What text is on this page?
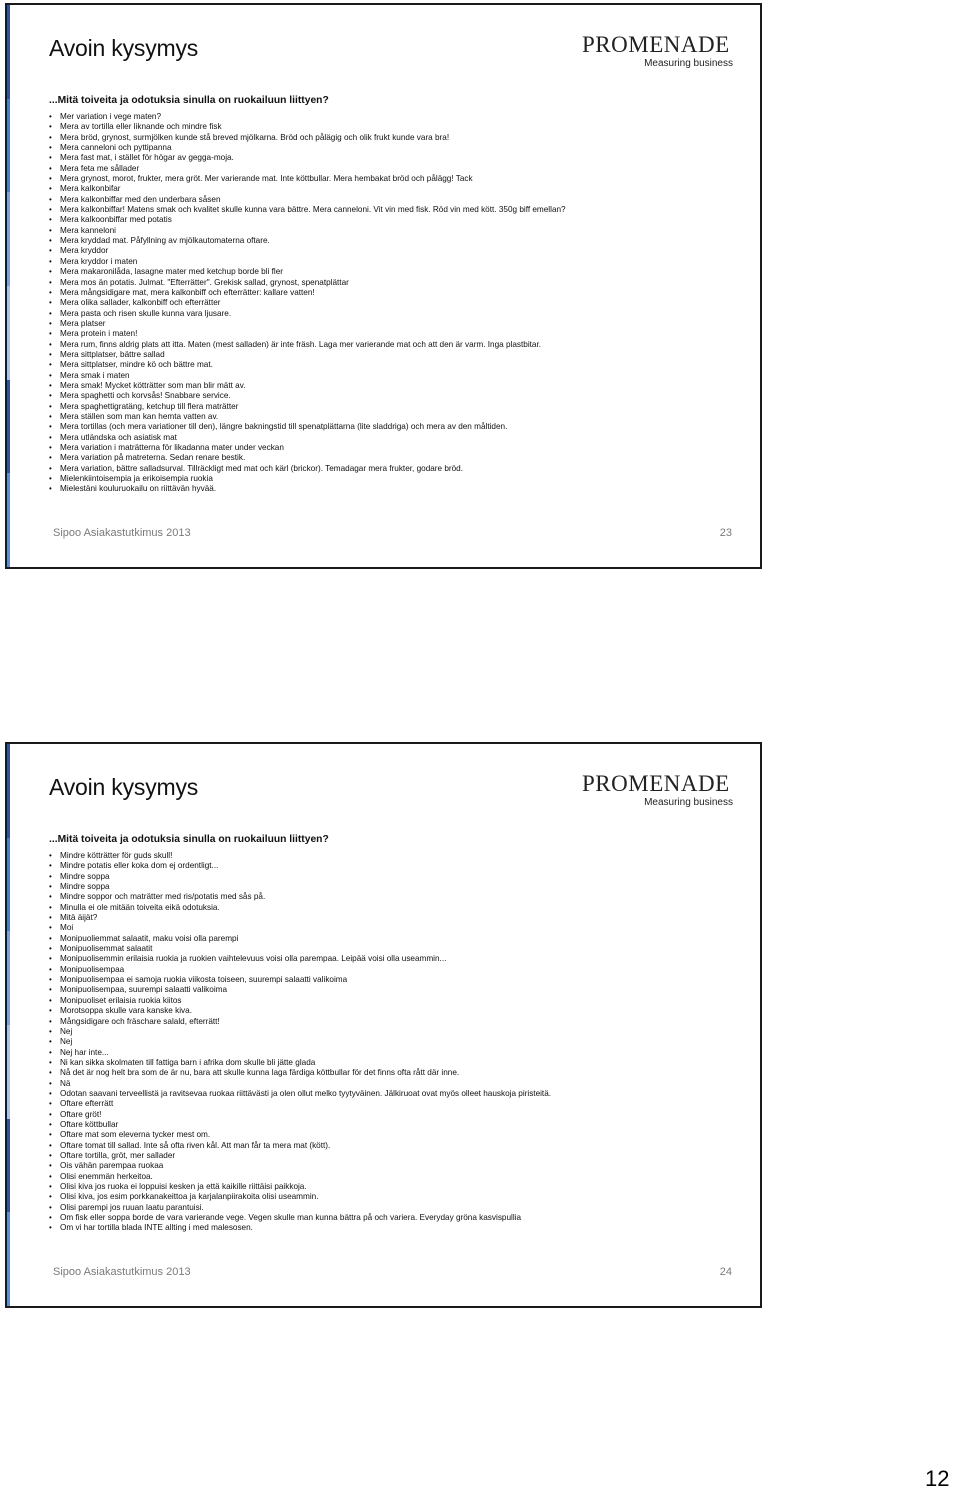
Avoin kysymys	PROMENADE
Measuring business
...Mitä toiveita ja odotuksia sinulla on ruokailuun liittyen?
• Mer variation i vege maten?
• Mera av tortilla eller liknande och mindre fisk
• Mera bröd, grynost, surmjölken kunde stå breved mjölkarna. Bröd och pålägig och olik frukt kunde vara bra!
• Mera canneloni och pyttipanna
• Mera fast mat, i stället för högar av gegga-moja.
• Mera feta me sållader
• Mera grynost, morot, frukter, mera gröt. Mer varierande mat. Inte köttbullar. Mera hembakat bröd och pålägg! Tack
• Mera kalkonbifar
• Mera kalkonbiffar med den underbara såsen
• Mera kalkonbiffar! Matens smak och kvalitet skulle kunna vara bättre. Mera canneloni. Vit vin med fisk. Röd vin med kött. 350g biff emellan?
• Mera kalkoonbiffar med potatis
• Mera kanneloni
• Mera kryddad mat. Påfyllning av mjölkautomaterna oftare.
• Mera kryddor
• Mera kryddor i maten
• Mera makaronilåda, lasagne mater med ketchup borde bli fler
• Mera mos än potatis. Julmat. "Efterrätter". Grekisk sallad, grynost, spenatplättar
• Mera mångsidigare mat, mera kalkonbiff och efterrätter: kallare vatten!
• Mera olika sallader, kalkonbiff och efterrätter
• Mera pasta och risen skulle kunna vara ljusare.
• Mera platser
• Mera protein i maten!
• Mera rum, finns aldrig plats att itta. Maten (mest salladen) är inte fräsh. Laga mer varierande mat och att den är varm. Inga plastbitar.
• Mera sittplatser, bättre sallad
• Mera sittplatser, mindre kö och bättre mat.
• Mera smak i maten
• Mera smak! Mycket kötträtter som man blir mätt av.
• Mera spaghetti och korvsås! Snabbare service.
• Mera spaghettigratäng, ketchup till flera maträtter
• Mera ställen som man kan hemta vatten av.
• Mera tortillas (och mera variationer till den), längre bakningstid till spenatplättarna (lite sladdriga) och mera av den måltiden.
• Mera utländska och asiatisk mat
• Mera variation i maträtterna för likadanna mater under veckan
• Mera variation på matreterna. Sedan renare bestik.
• Mera variation, bättre salladsurval. Tillräckligt med mat och kärl (brickor). Temadagar mera frukter, godare bröd.
• Mielenkiintoisempia ja erikoisempia ruokia
• Mielestäni kouluruokailu on riittävän hyvää.
Sipoo Asiakastutkimus 2013	23
Avoin kysymys	PROMENADE
Measuring business
...Mitä toiveita ja odotuksia sinulla on ruokailuun liittyen?
• Mindre kötträtter för guds skull!
• Mindre potatis eller koka dom ej ordentligt...
• Mindre soppa
• Mindre soppa
• Mindre soppor och maträtter med ris/potatis med sås på.
• Minulla ei ole mitään toiveita eikä odotuksia.
• Mitä äijät?
• Moi
• Monipuoliemmat salaatit, maku voisi olla parempi
• Monipuolisemmat salaatit
• Monipuolisemmin erilaisia ruokia ja ruokien vaihtelevuus voisi olla parempaa. Leipää voisi olla useammin...
• Monipuolisempaa
• Monipuolisempaa ei samoja ruokia viikosta toiseen, suurempi salaatti valikoima
• Monipuolisempaa, suurempi salaatti valikoima
• Monipuoliset erilaisia ruokia kiitos
• Morotsoppa skulle vara kanske kiva.
• Mångsidigare och fräschare salald, efterrätt!
• Nej
• Nej
• Nej har inte...
• Ni kan sikka skolmaten till fattiga barn i afrika dom skulle bli jätte glada
• Nå det är nog helt bra som de är nu, bara att skulle kunna laga färdiga köttbullar för det finns ofta rått där inne.
• Nä
• Odotan saavani terveellistä ja ravitsevaa ruokaa riittävästi ja olen ollut melko tyytyväinen. Jälkiruoat ovat myös olleet hauskoja piristeitä.
• Oftare efterrätt
• Oftare gröt!
• Oftare köttbullar
• Oftare mat som eleverna tycker mest om.
• Oftare tomat till sallad. Inte så ofta riven kål. Att man får ta mera mat (kött).
• Oftare tortilla, gröt, mer sallader
• Ois vähän parempaa ruokaa
• Olisi enemmän herkeitoa.
• Olisi kiva jos ruoka ei loppuisi kesken ja että kaikille riittäisi paikkoja.
• Olisi kiva, jos esim porkkanakeittoa ja karjalanpiirakoita olisi useammin.
• Olisi parempi jos ruuan laatu parantuisi.
• Om fisk eller soppa borde de vara varierande vege. Vegen skulle man kunna bättra på och variera. Everyday gröna kasvispullia
• Om vi har tortilla blada INTE allting i med malesosen.
Sipoo Asiakastutkimus 2013	24
12
